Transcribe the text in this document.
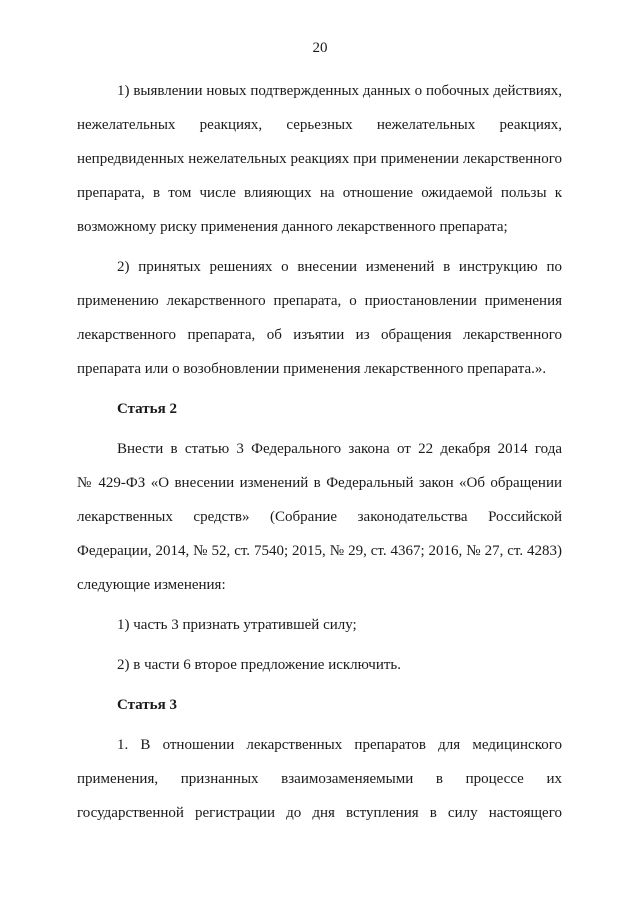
20
1) выявлении новых подтвержденных данных о побочных действиях,
нежелательных реакциях, серьезных нежелательных реакциях,
непредвиденных нежелательных реакциях при применении лекарственного
препарата, в том числе влияющих на отношение ожидаемой пользы к
возможному риску применения данного лекарственного препарата;
2) принятых решениях о внесении изменений в инструкцию по
применению лекарственного препарата, о приостановлении применения
лекарственного препарата, об изъятии из обращения лекарственного
препарата или о возобновлении применения лекарственного препарата.».
Статья 2
Внести в статью 3 Федерального закона от 22 декабря 2014 года
№ 429-ФЗ «О внесении изменений в Федеральный закон «Об обращении
лекарственных средств» (Собрание законодательства Российской
Федерации, 2014, № 52, ст. 7540; 2015, № 29, ст. 4367; 2016, № 27, ст. 4283)
следующие изменения:
1) часть 3 признать утратившей силу;
2) в части 6 второе предложение исключить.
Статья 3
1. В отношении лекарственных препаратов для медицинского
применения, признанных взаимозаменяемыми в процессе их
государственной регистрации до дня вступления в силу настоящего
